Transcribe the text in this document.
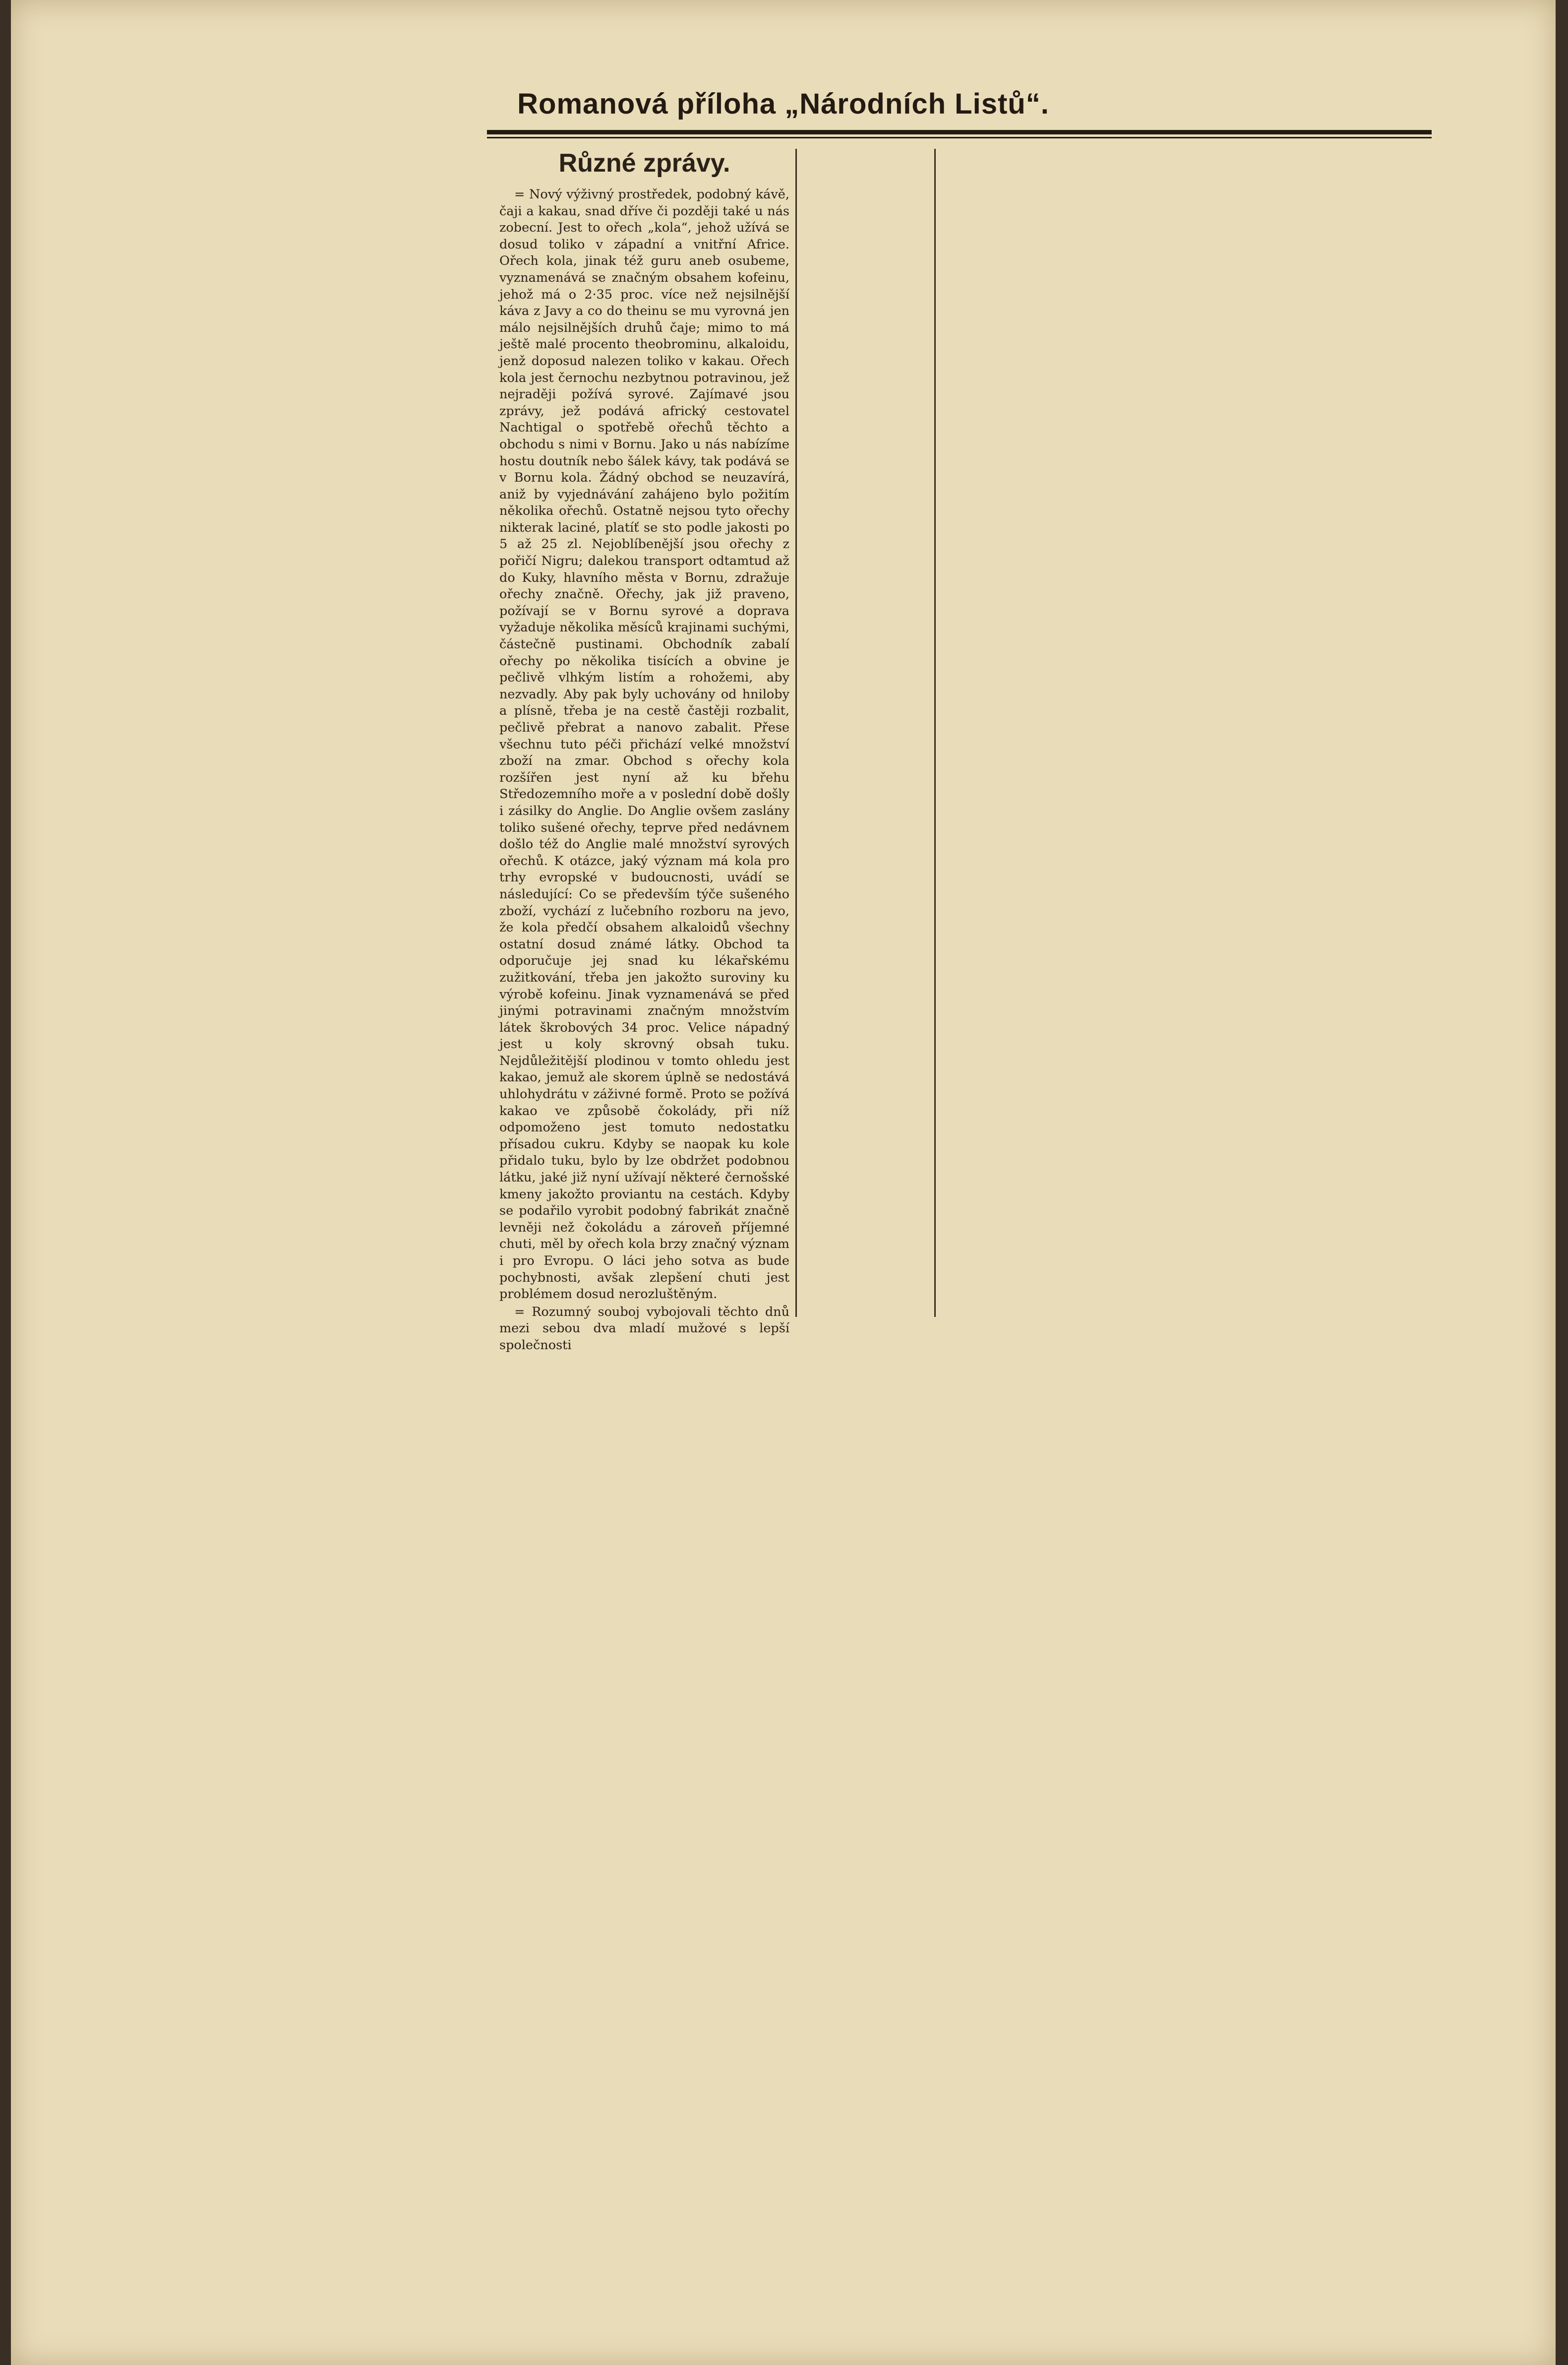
Romanová příloha „Národních Listů“.

Různé zprávy.

= Nový výživný prostředek, podobný kávě, čaji a kakau, snad dříve či později také u nás zobecní. Jest to ořech „kola“, jehož užívá se dosud toliko v západní a vnitřní Africe. Ořech kola, jinak též guru aneb osubeme, vyznamenává se značným obsahem kofeinu, jehož má o 2·35 proc. více než nejsilnější káva z Javy a co do theinu se mu vyrovná jen málo nejsilnějších druhů čaje; mimo to má ještě malé procento theobrominu, alkaloidu, jenž doposud nalezen toliko v kakau. Ořech kola jest černochu nezbytnou potravinou, jež nejraději požívá syrové. Zajímavé jsou zprávy, jež podává africký cestovatel Nachtigal o spotřebě ořechů těchto a obchodu s nimi v Bornu. Jako u nás nabízíme hostu doutník nebo šálek kávy, tak podává se v Bornu kola. Žádný obchod se neuzavírá, aniž by vyjednávání zahájeno bylo požitím několika ořechů. Ostatně nejsou tyto ořechy nikterak laciné, platíť se sto podle jakosti po 5 až 25 zl. Nejoblíbenější jsou ořechy z pořičí Nigru; dalekou transport odtamtud až do Kuky, hlavního města v Bornu, zdražuje ořechy značně. Ořechy, jak již praveno, požívají se v Bornu syrové a doprava vyžaduje několika měsíců krajinami suchými, částečně pustinami. Obchodník zabalí ořechy po několika tisících a obvine je pečlivě vlhkým listím a rohožemi, aby nezvadly. Aby pak byly uchovány od hniloby a plísně, třeba je na cestě častěji rozbalit, pečlivě přebrat a nanovo zabalit. Přese všechnu tuto péči přichází velké množství zboží na zmar. Obchod s ořechy kola rozšířen jest nyní až ku břehu Středozemního moře a v poslední době došly i zásilky do Anglie. Do Anglie ovšem zaslány toliko sušené ořechy, teprve před nedávnem došlo též do Anglie malé množství syrových ořechů. K otázce, jaký význam má kola pro trhy evropské v budoucnosti, uvádí se následující: Co se především týče sušeného zboží, vychází z lučebního rozboru na jevo, že kola předčí obsahem alkaloidů všechny ostatní dosud známé látky. Obchod ta odporučuje jej snad ku lékařskému zužitkování, třeba jen jakožto suroviny ku výrobě kofeinu. Jinak vyznamenává se před jinými potravinami značným množstvím látek škrobových 34 proc. Velice nápadný jest u koly skrovný obsah tuku. Nejdůležitější plodinou v tomto ohledu jest kakao, jemuž ale skorem úplně se nedostává uhlohydrátu v záživné formě. Proto se požívá kakao ve způsobě čokolády, při níž odpomoženo jest tomuto nedostatku přísadou cukru. Kdyby se naopak ku kole přidalo tuku, bylo by lze obdržet podobnou látku, jaké již nyní užívají některé černošské kmeny jakožto proviantu na cestách. Kdyby se podařilo vyrobit podobný fabrikát značně levněji než čokoládu a zároveň příjemné chuti, měl by ořech kola brzy značný význam i pro Evropu. O láci jeho sotva as bude pochybnosti, avšak zlepšení chuti jest problémem dosud nerozluštěným.

= Rozumný souboj vybojovali těchto dnů mezi sebou dva mladí mužové s lepší společnosti
